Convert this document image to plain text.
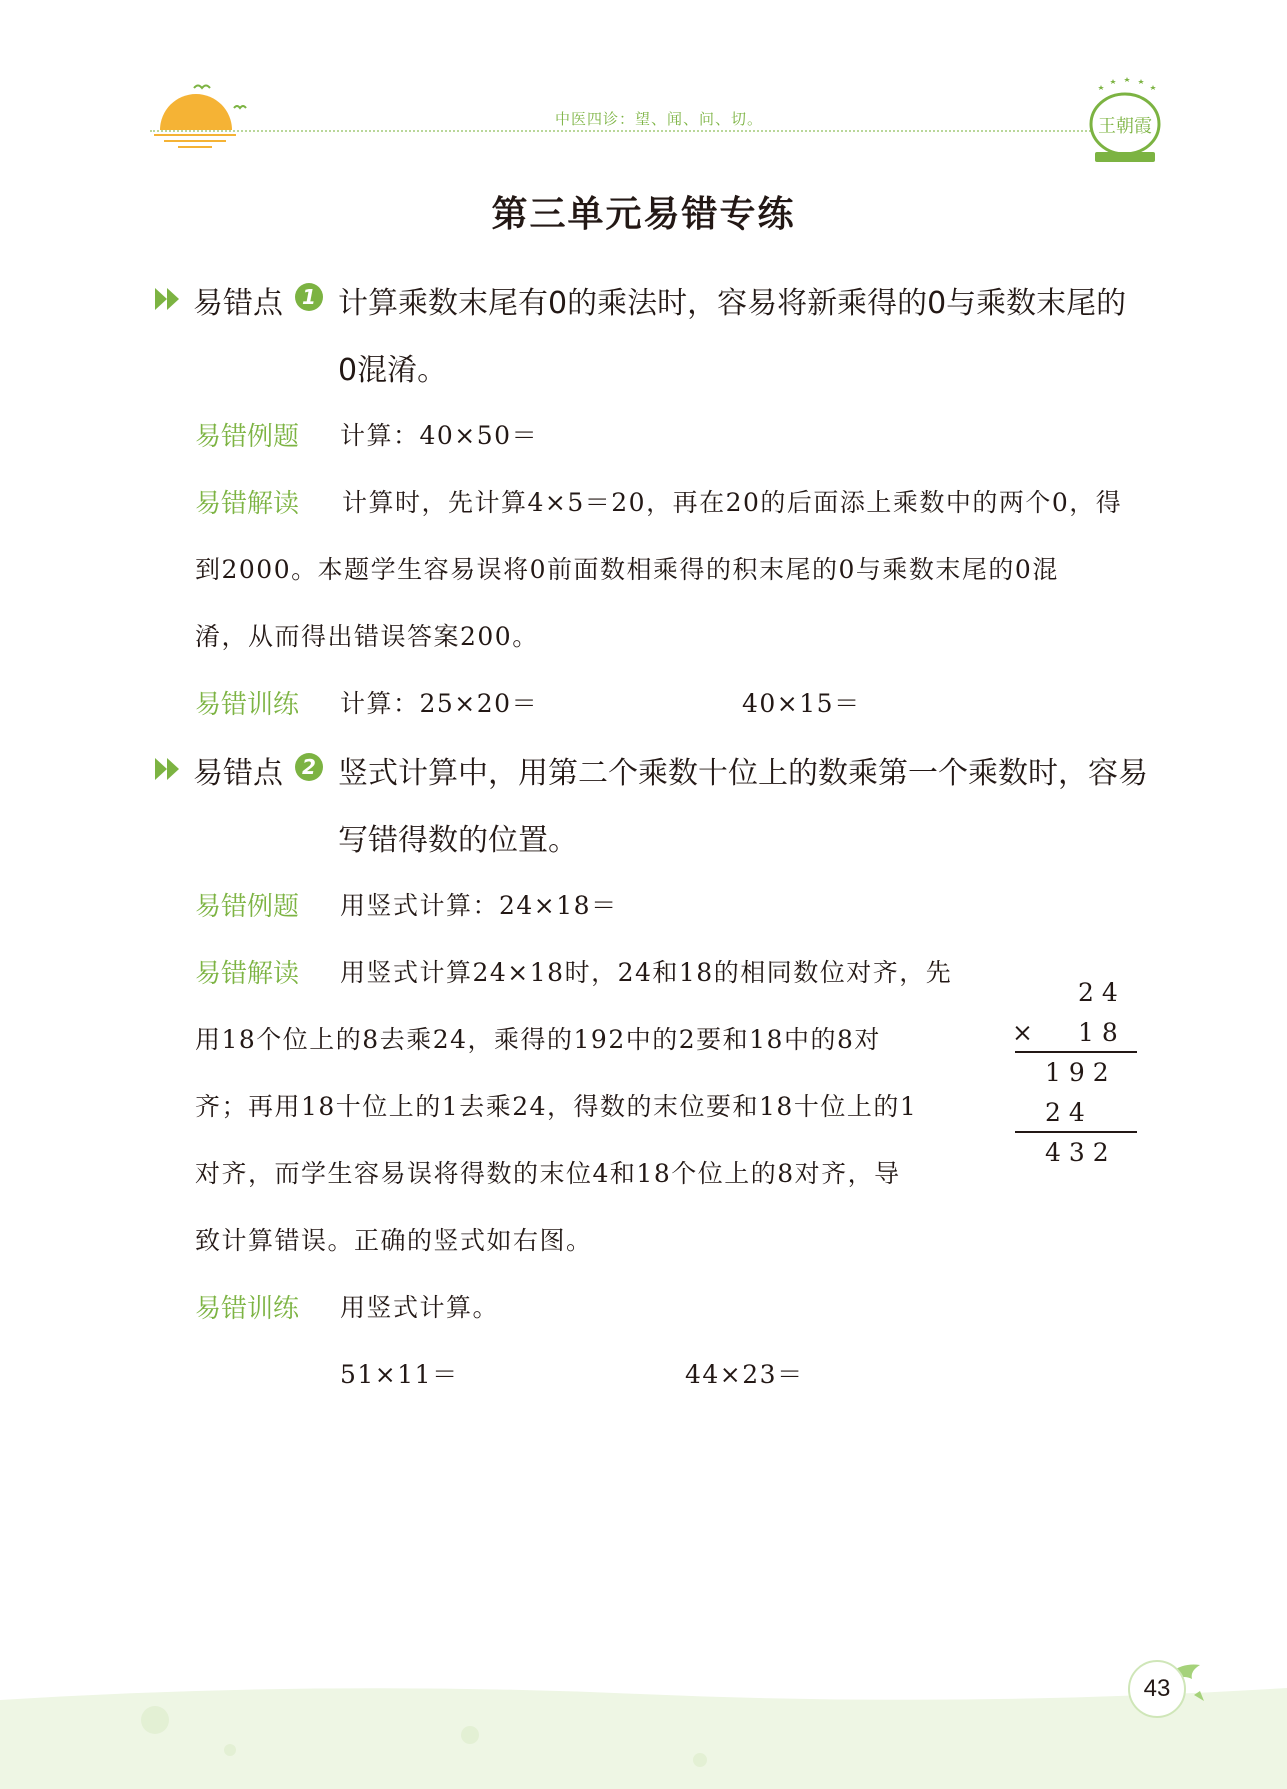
中医四诊：望、闻、问、切。	王朝霞
第三单元易错专练
易错点 1 计算乘数末尾有0的乘法时，容易将新乘得的0与乘数末尾的
0混淆。
易错例题 计算：40×50＝
易错解读 计算时，先计算4×5＝20，再在20的后面添上乘数中的两个0，得
到2000。本题学生容易误将0前面数相乘得的积末尾的0与乘数末尾的0混
淆，从而得出错误答案200。
易错训练 计算：25×20＝	40×15＝
易错点 2 竖式计算中，用第二个乘数十位上的数乘第一个乘数时，容易
写错得数的位置。
易错例题 用竖式计算：24×18＝
易错解读 用竖式计算24×18时，24和18的相同数位对齐，先
用18个位上的8去乘24，乘得的192中的2要和18中的8对
齐；再用18十位上的1去乘24，得数的末位要和18十位上的1
对齐，而学生容易误将得数的末位4和18个位上的8对齐，导
致计算错误。正确的竖式如右图。
2 4
× 1 8
1 9 2
2 4
4 3 2
易错训练 用竖式计算。
51×11＝	44×23＝
43
